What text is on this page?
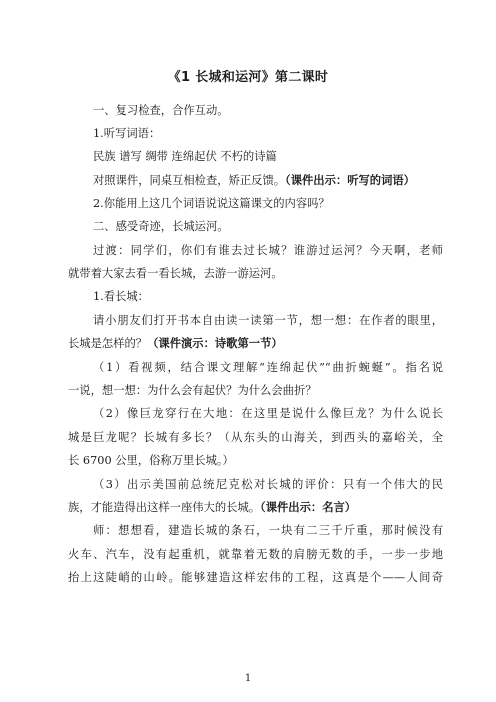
《1 长城和运河》第二课时
一、复习检查，合作互动。
1.听写词语：
民族 谱写 绸带 连绵起伏 不朽的诗篇
对照课件，同桌互相检查，矫正反馈。（课件出示：听写的词语）
2.你能用上这几个词语说说这篇课文的内容吗？
二、感受奇迹，长城运河。
过渡：同学们，你们有谁去过长城？谁游过运河？今天啊，老师
就带着大家去看一看长城，去游一游运河。
1.看长城：
请小朋友们打开书本自由读一读第一节，想一想：在作者的眼里，
长城是怎样的？（课件演示：诗歌第一节）
（1）看视频，结合课文理解“连绵起伏”“曲折蜿蜒”。指名说
一说，想一想：为什么会有起伏？为什么会曲折？
（2）像巨龙穿行在大地：在这里是说什么像巨龙？为什么说长
城是巨龙呢？长城有多长？（从东头的山海关，到西头的嘉峪关，全
长 6700 公里，俗称万里长城。）
（3）出示美国前总统尼克松对长城的评价：只有一个伟大的民
族，才能造得出这样一座伟大的长城。（课件出示：名言）
师：想想看，建造长城的条石，一块有二三千斤重，那时候没有
火车、汽车，没有起重机，就靠着无数的肩膀无数的手，一步一步地
抬上这陡峭的山岭。能够建造这样宏伟的工程，这真是个——人间奇
1
